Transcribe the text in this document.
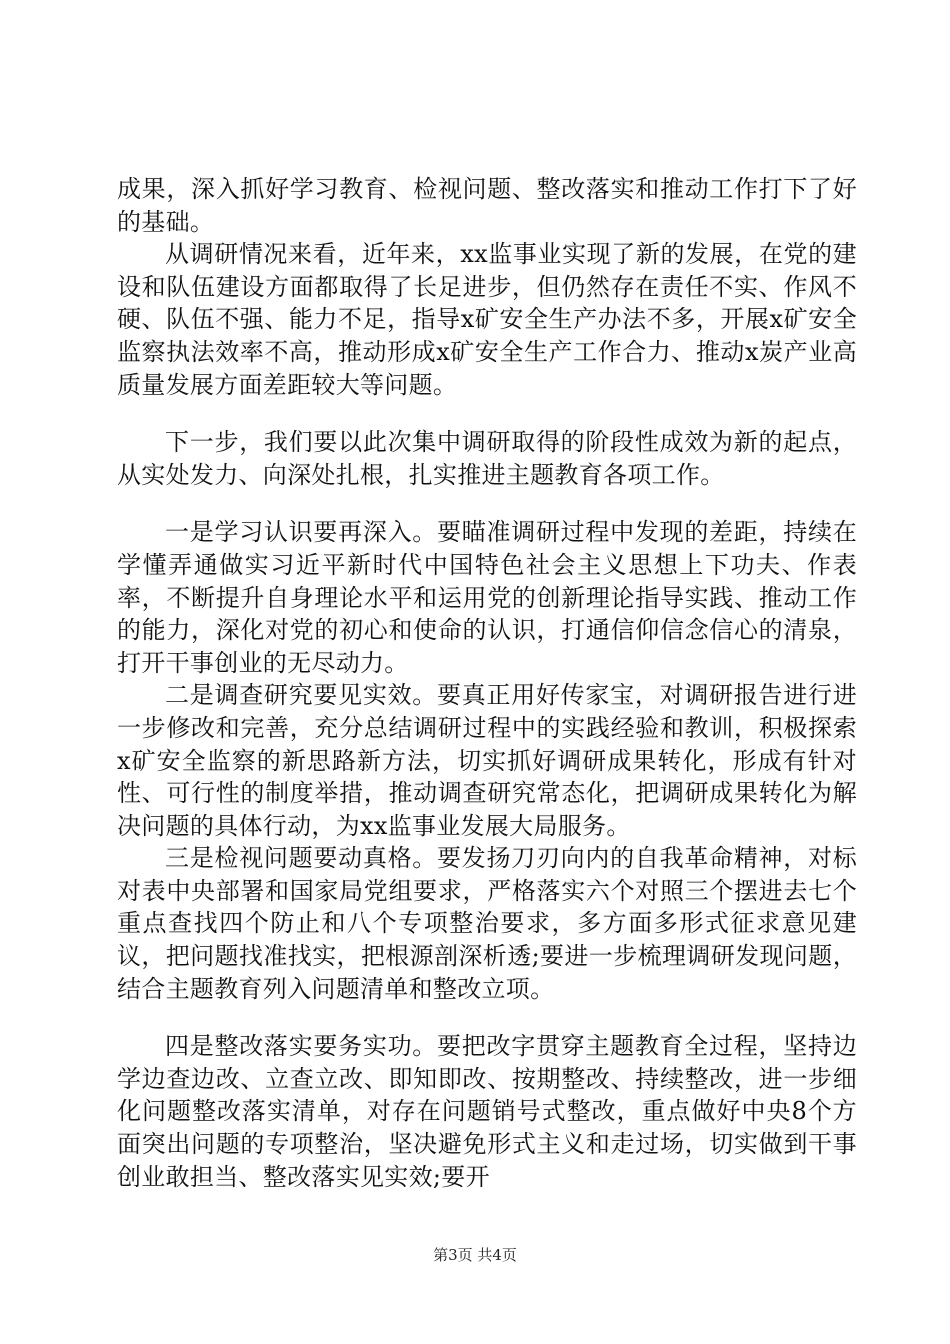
成果，深入抓好学习教育、检视问题、整改落实和推动工作打下了好的基础。

从调研情况来看，近年来，xx监事业实现了新的发展，在党的建设和队伍建设方面都取得了长足进步，但仍然存在责任不实、作风不硬、队伍不强、能力不足，指导x矿安全生产办法不多，开展x矿安全监察执法效率不高，推动形成x矿安全生产工作合力、推动x炭产业高质量发展方面差距较大等问题。

下一步，我们要以此次集中调研取得的阶段性成效为新的起点，从实处发力、向深处扎根，扎实推进主题教育各项工作。

一是学习认识要再深入。要瞄准调研过程中发现的差距，持续在学懂弄通做实习近平新时代中国特色社会主义思想上下功夫、作表率，不断提升自身理论水平和运用党的创新理论指导实践、推动工作的能力，深化对党的初心和使命的认识，打通信仰信念信心的清泉，打开干事创业的无尽动力。

二是调查研究要见实效。要真正用好传家宝，对调研报告进行进一步修改和完善，充分总结调研过程中的实践经验和教训，积极探索x矿安全监察的新思路新方法，切实抓好调研成果转化，形成有针对性、可行性的制度举措，推动调查研究常态化，把调研成果转化为解决问题的具体行动，为xx监事业发展大局服务。

三是检视问题要动真格。要发扬刀刃向内的自我革命精神，对标对表中央部署和国家局党组要求，严格落实六个对照三个摆进去七个重点查找四个防止和八个专项整治要求，多方面多形式征求意见建议，把问题找准找实，把根源剖深析透;要进一步梳理调研发现问题，结合主题教育列入问题清单和整改立项。

四是整改落实要务实功。要把改字贯穿主题教育全过程，坚持边学边查边改、立查立改、即知即改、按期整改、持续整改，进一步细化问题整改落实清单，对存在问题销号式整改，重点做好中央8个方面突出问题的专项整治，坚决避免形式主义和走过场，切实做到干事创业敢担当、整改落实见实效;要开

第3页 共4页
